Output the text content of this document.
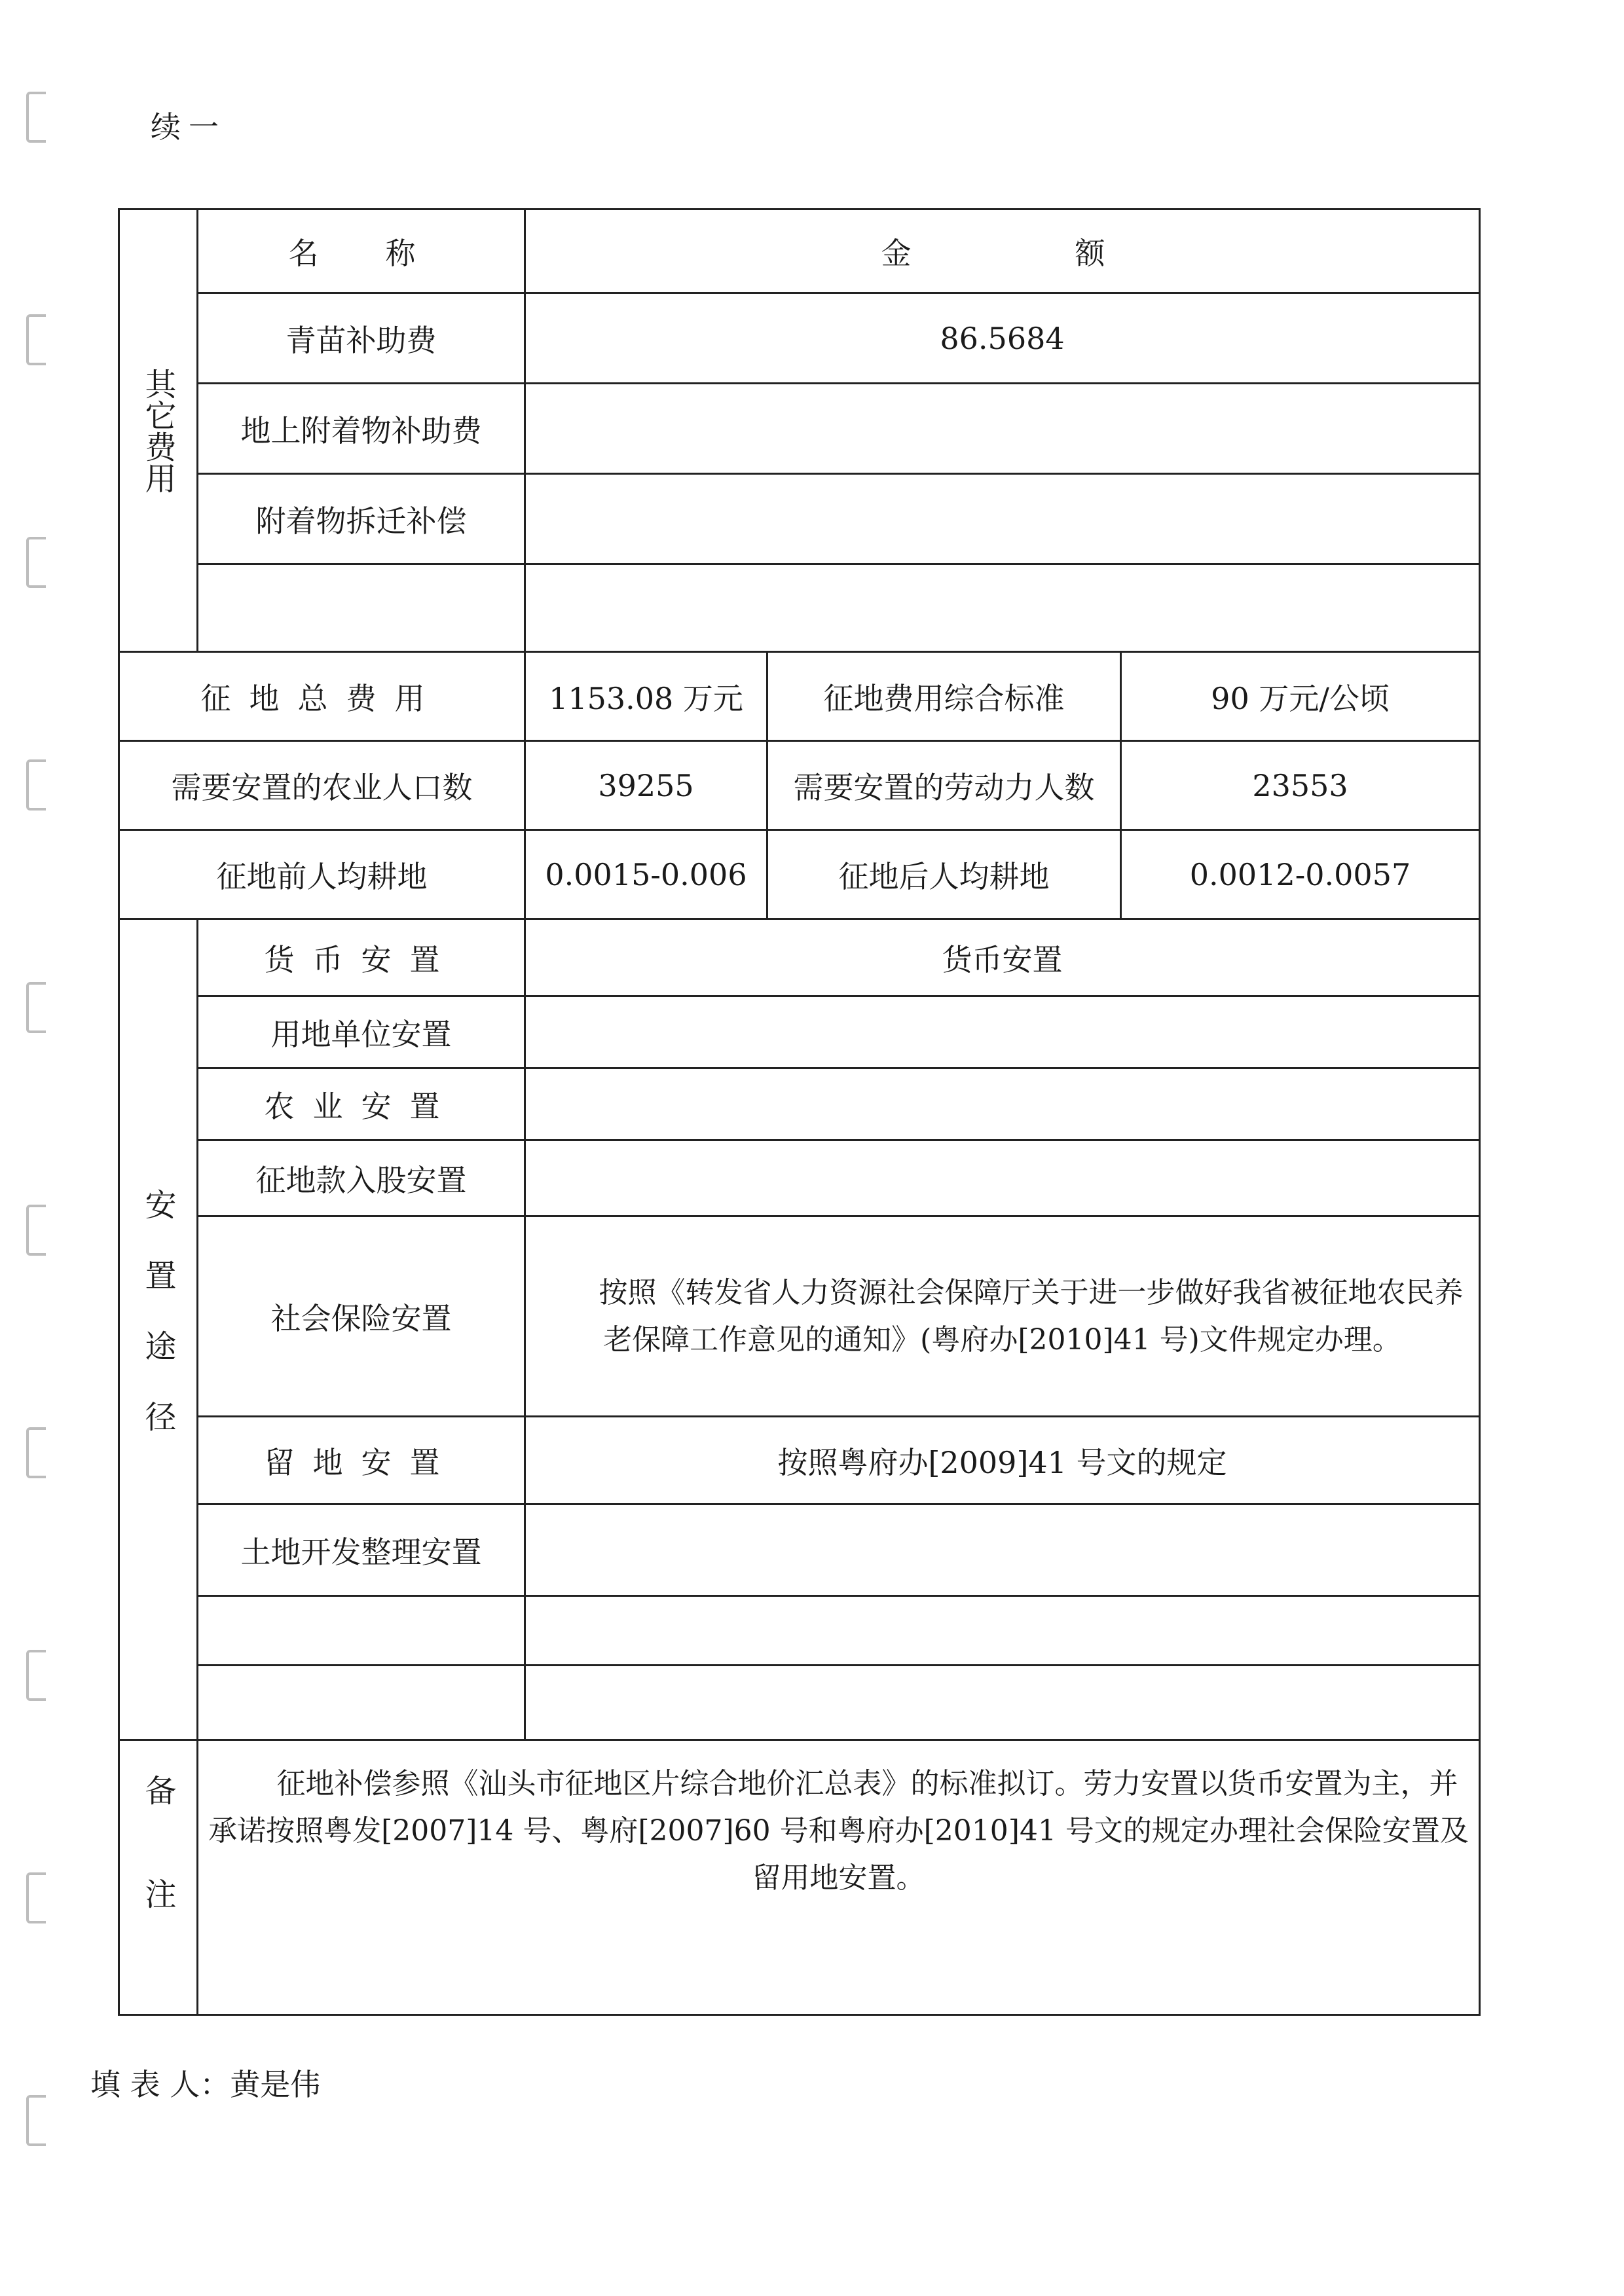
续一
其它费用	名　称	金　　　额		
	青苗补助费	86.5684		
	地上附着物补助费			
	附着物拆迁补偿			

征地总费用		1153.08 万元	征地费用综合标准	90 万元/公顷
需要安置的农业人口数		39255	需要安置的劳动力人数	23553
征地前人均耕地		0.0015-0.006	征地后人均耕地	0.0012-0.0057
安置途径	货币安置	货币安置		
	用地单位安置			
	农业安置			
	征地款入股安置			
	社会保险安置	按照《转发省人力资源社会保障厅关于进一步做好我省被征地农民养老保障工作意见的通知》(粤府办[2010]41 号)文件规定办理。		
	留地安置	按照粤府办[2009]41 号文的规定		
	土地开发整理安置			

备注	征地补偿参照《汕头市征地区片综合地价汇总表》的标准拟订。劳力安置以货币安置为主，并承诺按照粤发[2007]14 号、粤府[2007]60 号和粤府办[2010]41 号文的规定办理社会保险安置及留用地安置。			
填 表 人：黄是伟
